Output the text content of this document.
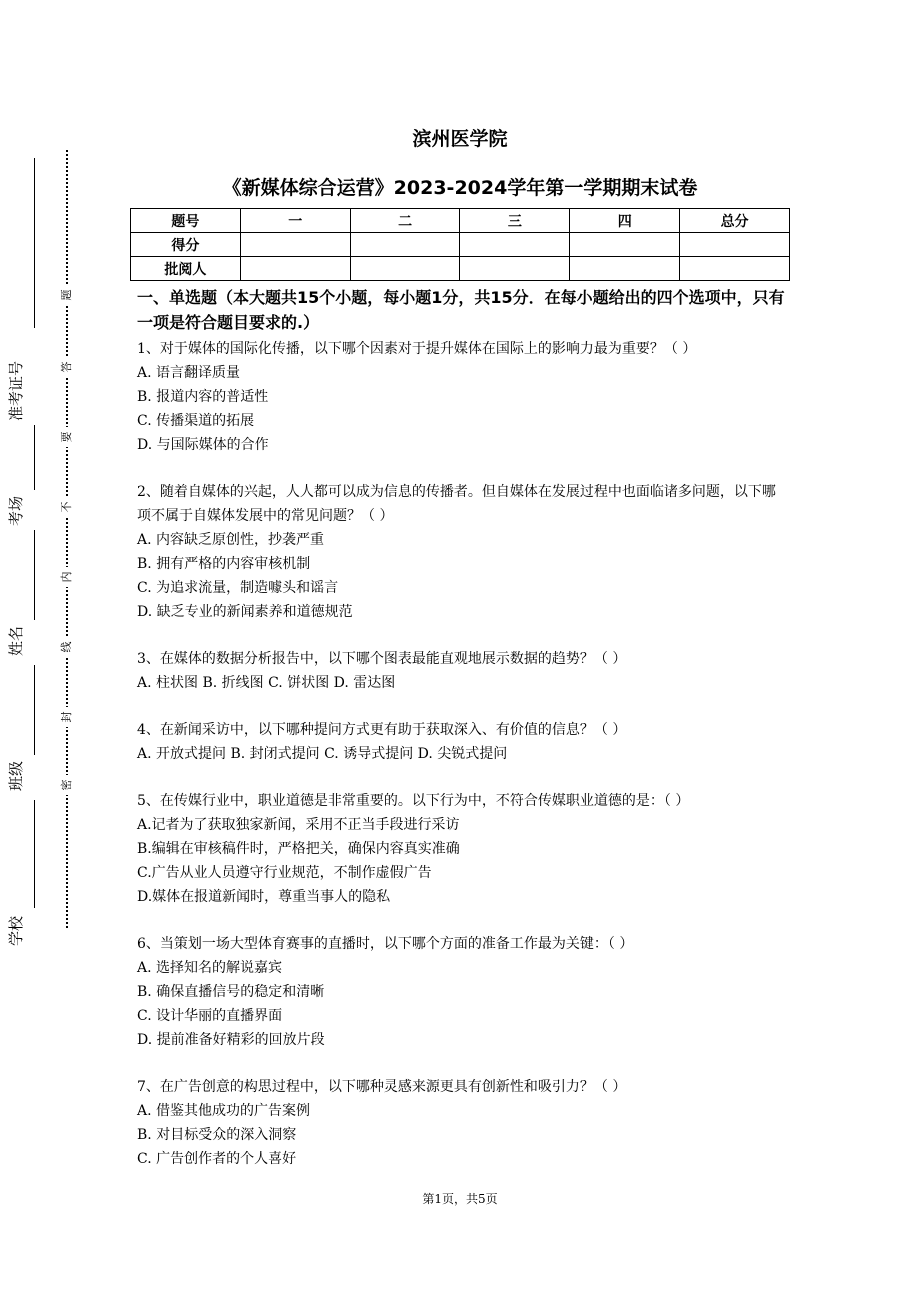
准考证号
考场
姓名
班级
学校
题
答
要
不
内
线
封
密
滨州医学院
《新媒体综合运营》2023-2024学年第一学期期末试卷
题号	一	二	三	四	总分
得分					
批阅人					
一、单选题（本大题共15个小题，每小题1分，共15分．在每小题给出的四个选项中，只有一项是符合题目要求的.）

1、对于媒体的国际化传播，以下哪个因素对于提升媒体在国际上的影响力最为重要？（ ）

A. 语言翻译质量

B. 报道内容的普适性

C. 传播渠道的拓展

D. 与国际媒体的合作

2、随着自媒体的兴起，人人都可以成为信息的传播者。但自媒体在发展过程中也面临诸多问题，以下哪项不属于自媒体发展中的常见问题？（ ）

A. 内容缺乏原创性，抄袭严重

B. 拥有严格的内容审核机制

C. 为追求流量，制造噱头和谣言

D. 缺乏专业的新闻素养和道德规范

3、在媒体的数据分析报告中，以下哪个图表最能直观地展示数据的趋势？（ ）

A. 柱状图 B. 折线图 C. 饼状图 D. 雷达图

4、在新闻采访中，以下哪种提问方式更有助于获取深入、有价值的信息？（ ）

A. 开放式提问 B. 封闭式提问 C. 诱导式提问 D. 尖锐式提问

5、在传媒行业中，职业道德是非常重要的。以下行为中，不符合传媒职业道德的是：（ ）

A.记者为了获取独家新闻，采用不正当手段进行采访

B.编辑在审核稿件时，严格把关，确保内容真实准确

C.广告从业人员遵守行业规范，不制作虚假广告

D.媒体在报道新闻时，尊重当事人的隐私

6、当策划一场大型体育赛事的直播时，以下哪个方面的准备工作最为关键：（ ）

A. 选择知名的解说嘉宾

B. 确保直播信号的稳定和清晰

C. 设计华丽的直播界面

D. 提前准备好精彩的回放片段

7、在广告创意的构思过程中，以下哪种灵感来源更具有创新性和吸引力？（ ）

A. 借鉴其他成功的广告案例

B. 对目标受众的深入洞察

C. 广告创作者的个人喜好

第1页，共5页
